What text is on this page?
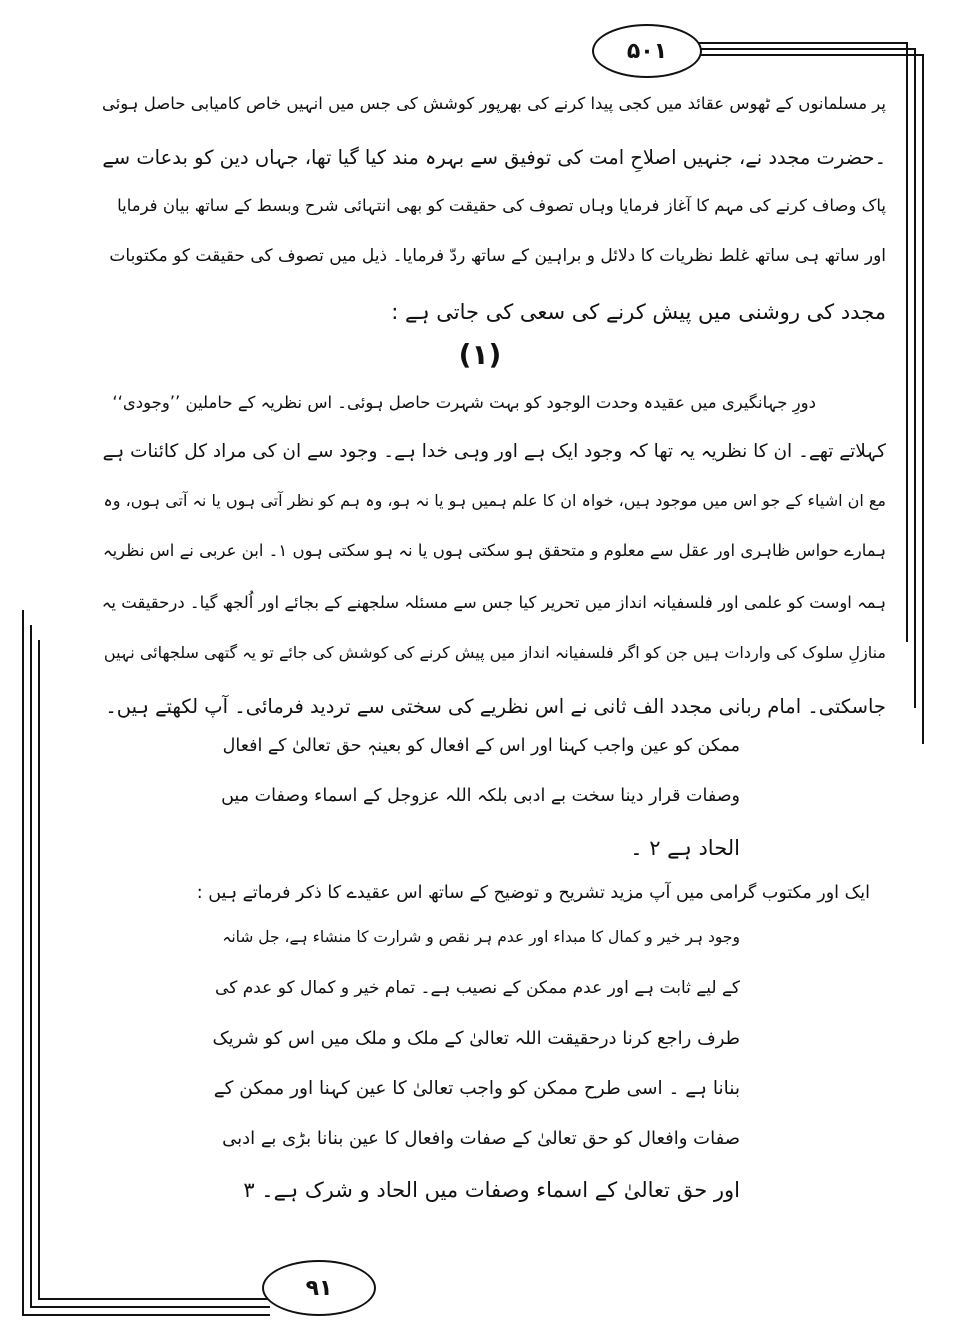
۵۰۱
۹۱
پر مسلمانوں کے ٹھوس عقائد میں کجی پیدا کرنے کی بھرپور کوشش کی جس میں انہیں خاص کامیابی حاصل ہوئی
۔حضرت مجدد نے، جنہیں اصلاحِ امت کی توفیق سے بہرہ مند کیا گیا تھا، جہاں دین کو بدعات سے
پاک وصاف کرنے کی مہم کا آغاز فرمایا وہاں تصوف کی حقیقت کو بھی انتہائی شرح وبسط کے ساتھ بیان فرمایا
اور ساتھ ہی ساتھ غلط نظریات کا دلائل و براہین کے ساتھ ردّ فرمایا۔ ذیل میں تصوف کی حقیقت کو مکتوبات
مجدد کی روشنی میں پیش کرنے کی سعی کی جاتی ہے :
(۱)
دورِ جہانگیری میں عقیدہ وحدت الوجود کو بہت شہرت حاصل ہوئی۔ اس نظریہ کے حاملین ’’وجودی‘‘
کہلاتے تھے۔ ان کا نظریہ یہ تھا کہ وجود ایک ہے اور وہی خدا ہے۔ وجود سے ان کی مراد کل کائنات ہے
مع ان اشیاء کے جو اس میں موجود ہیں، خواہ ان کا علم ہمیں ہو یا نہ ہو، وہ ہم کو نظر آتی ہوں یا نہ آتی ہوں، وہ
ہمارے حواس ظاہری اور عقل سے معلوم و متحقق ہو سکتی ہوں یا نہ ہو سکتی ہوں ۱۔ ابن عربی نے اس نظریہ
ہمہ اوست کو علمی اور فلسفیانہ انداز میں تحریر کیا جس سے مسئلہ سلجھنے کے بجائے اور اُلجھ گیا۔ درحقیقت یہ
منازلِ سلوک کی واردات ہیں جن کو اگر فلسفیانہ انداز میں پیش کرنے کی کوشش کی جائے تو یہ گتھی سلجھائی نہیں
جاسکتی۔ امام ربانی مجدد الف ثانی نے اس نظریے کی سختی سے تردید فرمائی۔ آپ لکھتے ہیں۔
ممکن کو عین واجب کہنا اور اس کے افعال کو بعینہٖ حق تعالیٰ کے افعال
وصفات قرار دینا سخت بے ادبی بلکہ اللہ عزوجل کے اسماء وصفات میں
الحاد ہے ۲ ۔
ایک اور مکتوب گرامی میں آپ مزید تشریح و توضیح کے ساتھ اس عقیدے کا ذکر فرماتے ہیں :
وجود ہر خیر و کمال کا مبداء اور عدم ہر نقص و شرارت کا منشاء ہے، جل شانہ
کے لیے ثابت ہے اور عدم ممکن کے نصیب ہے۔ تمام خیر و کمال کو عدم کی
طرف راجع کرنا درحقیقت اللہ تعالیٰ کے ملک و ملک میں اس کو شریک
بنانا ہے ۔ اسی طرح ممکن کو واجب تعالیٰ کا عین کہنا اور ممکن کے
صفات وافعال کو حق تعالیٰ کے صفات وافعال کا عین بنانا بڑی بے ادبی
اور حق تعالیٰ کے اسماء وصفات میں الحاد و شرک ہے۔ ۳
